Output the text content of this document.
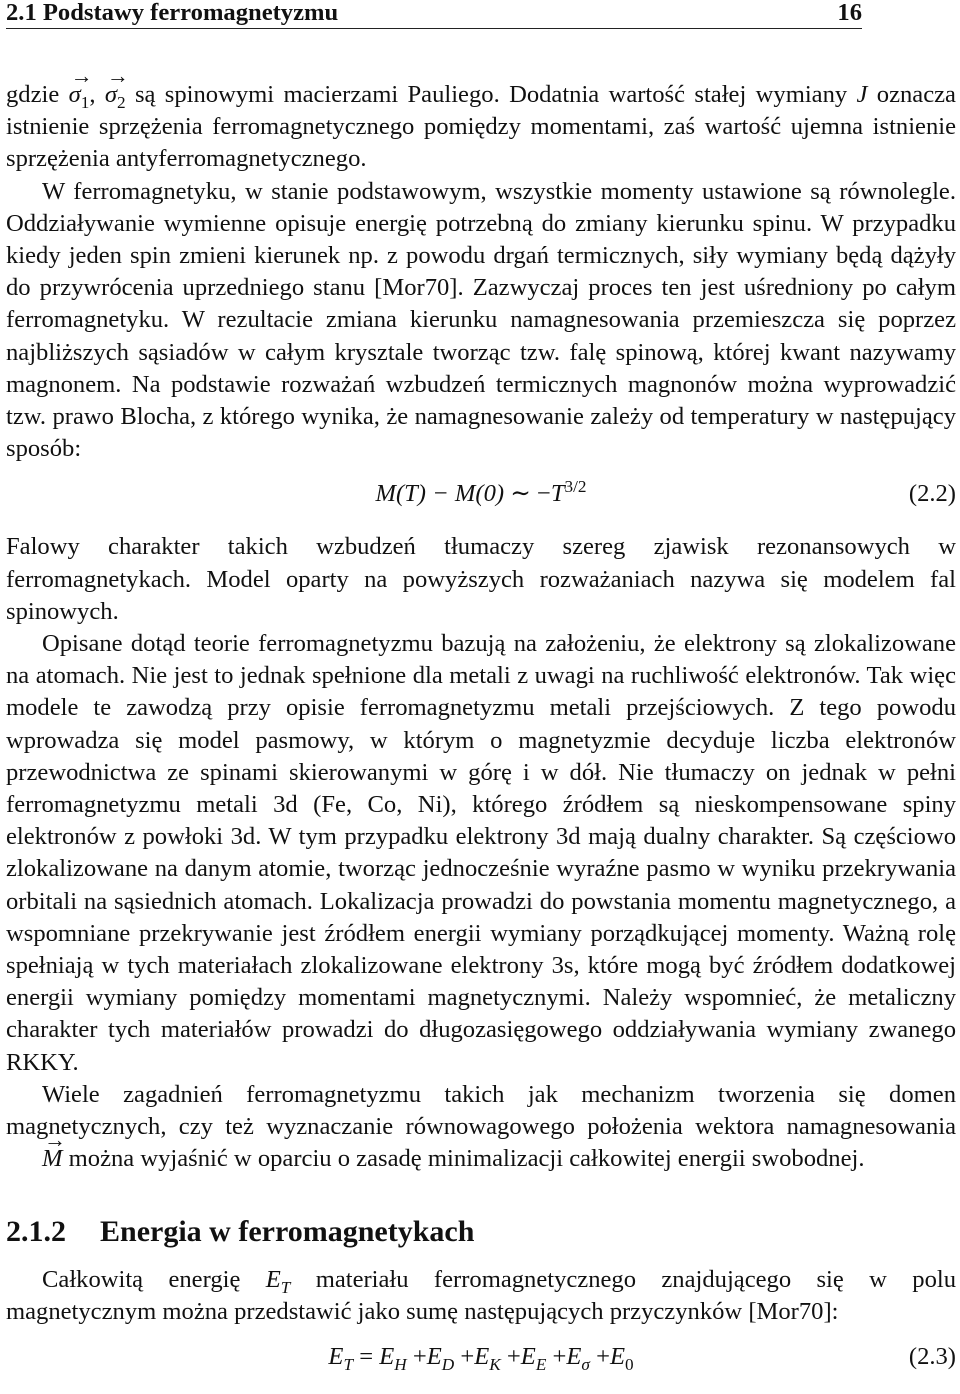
2.1 Podstawy ferromagnetyzmu	16

gdzie → $\sigma_1$, → $\sigma_2$ są spinowymi macierzami Pauliego. Dodatnia wartość stałej wymiany J oznacza istnienie sprzężenia ferromagnetycznego pomiędzy momentami, zaś wartość ujemna istnienie sprzężenia antyferromagnetycznego.

W ferromagnetyku, w stanie podstawowym, wszystkie momenty ustawione są równolegle. Oddziaływanie wymienne opisuje energię potrzebną do zmiany kierunku spinu. W przypadku kiedy jeden spin zmieni kierunek np. z powodu drgań termicznych, siły wymiany będą dążyły do przywrócenia uprzedniego stanu [Mor70]. Zazwyczaj proces ten jest uśredniony po całym ferromagnetyku. W rezultacie zmiana kierunku namagnesowania przemieszcza się poprzez najbliższych sąsiadów w całym krysztale tworząc tzw. falę spinową, której kwant nazywamy magnonem. Na podstawie rozważań wzbudzeń termicznych magnonów można wyprowadzić tzw. prawo Blocha, z którego wynika, że namagnesowanie zależy od temperatury w następujący sposób:

M(T) − M(0) ∼ $-T^{3/2}$	(2.2)

Falowy charakter takich wzbudzeń tłumaczy szereg zjawisk rezonansowych w ferromagnetykach. Model oparty na powyższych rozważaniach nazywa się modelem fal spinowych.

Opisane dotąd teorie ferromagnetyzmu bazują na założeniu, że elektrony są zlokalizowane na atomach. Nie jest to jednak spełnione dla metali z uwagi na ruchliwość elektronów. Tak więc modele te zawodzą przy opisie ferromagnetyzmu metali przejściowych. Z tego powodu wprowadza się model pasmowy, w którym o magnetyzmie decyduje liczba elektronów przewodnictwa ze spinami skierowanymi w górę i w dół. Nie tłumaczy on jednak w pełni ferromagnetyzmu metali 3d (Fe, Co, Ni), którego źródłem są nieskompensowane spiny elektronów z powłoki 3d. W tym przypadku elektrony 3d mają dualny charakter. Są częściowo zlokalizowane na danym atomie, tworząc jednocześnie wyraźne pasmo w wyniku przekrywania orbitali na sąsiednich atomach. Lokalizacja prowadzi do powstania momentu magnetycznego, a wspomniane przekrywanie jest źródłem energii wymiany porządkującej momenty. Ważną rolę spełniają w tych materiałach zlokalizowane elektrony 3s, które mogą być źródłem dodatkowej energii wymiany pomiędzy momentami magnetycznymi. Należy wspomnieć, że metaliczny charakter tych materiałów prowadzi do długozasięgowego oddziaływania wymiany zwanego RKKY.

Wiele zagadnień ferromagnetyzmu takich jak mechanizm tworzenia się domen magnetycznych, czy też wyznaczanie równowagowego położenia wektora namagnesowania → M można wyjaśnić w oparciu o zasadę minimalizacji całkowitej energii swobodnej.

2.1.2 Energia w ferromagnetykach

Całkowitą energię $E_T$ materiału ferromagnetycznego znajdującego się w polu magnetycznym można przedstawić jako sumę następujących przyczynków [Mor70]:

$E_T = E_H +E_D +E_K +E_E +E_\sigma +E_0$	(2.3)
